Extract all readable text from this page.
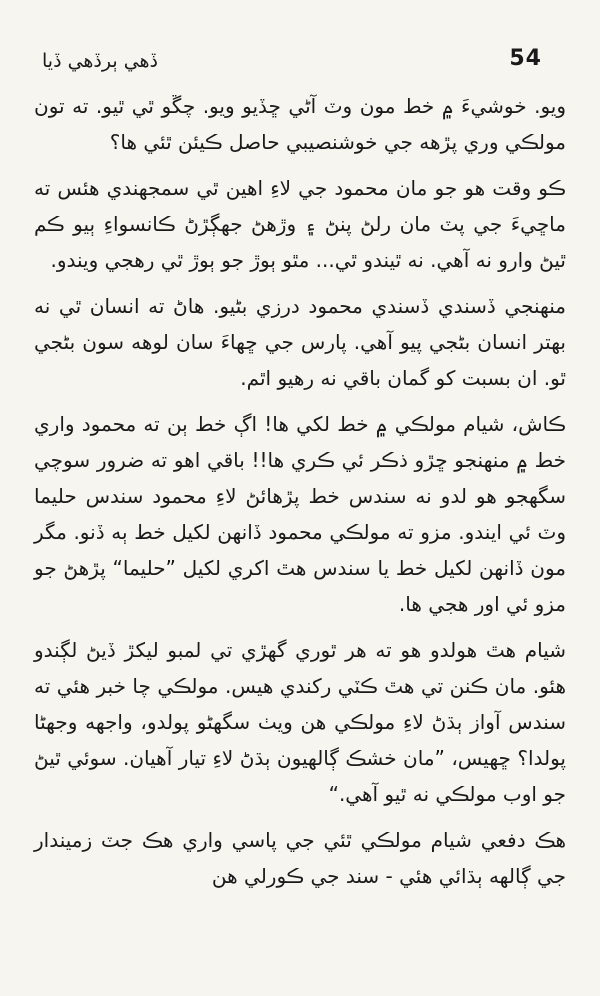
ڏهي ٻرڏهي ڏيا	54

ويو. خوشيءَ ۾ خط مون وٽ آڻي ڇڏيو ويو. چڱو ٿي ٿيو. ته تون مولڪي وري پڙهه جي خوشنصيبي حاصل ڪيئن ٿئي ها؟

ڪو وقت هو جو مان محمود جي لاءِ اهين ٿي سمجهندي هئس ته ماڇيءَ جي پٽ مان رلڻ پنڻ ۽ وڙهڻ جهڳڙڻ ڪانسواءِ ٻيو ڪم ٿيڻ وارو نه آهي. نه ٿيندو ٿي... مٿو ٻوڙ جو ٻوڙ ٿي رهجي ويندو.

منهنجي ڏسندي ڏسندي محمود درزي بڻيو. هاڻ ته انسان ٿي نه بهتر انسان بڻجي پيو آهي. پارس جي ڇهاءَ سان لوهه سون بڻجي ٿو. ان بسبت کو گمان باقي نه رهيو اٿم.

ڪاش، شيام مولڪي ۾ خط لکي ها! اڳ خط ٻن ته محمود واري خط ۾ منهنجو ڇڙو ذڪر ئي ڪري ها!! باقي اهو ته ضرور سوچي سگهجو هو لدو نه سندس خط پڙهائڻ لاءِ محمود سندس حليما وٽ ئي ايندو. مزو ته مولڪي محمود ڏانهن لکيل خط ٻه ڏنو. مگر مون ڏانهن لکيل خط يا سندس هٿ اکري لکيل ”حليما“ پڙهڻ جو مزو ئي اور هجي ها.

شيام هٿ هولدو هو ته هر ٿوري گهڙي تي لمبو ليکڙ ڏيڻ لڳندو هئو. مان ڪنن تي هٿ ڪٽي رکندي هيس. مولڪي چا خبر هئي ته سندس آواز ٻڌڻ لاءِ مولڪي هن ويٺ سگهڻو پولدو، واجهه وجهڻا پولدا؟ ڇهيس، ”مان خشڪ ڳالهيون ٻڌڻ لاءِ تيار آهيان. سوئي ٿيڻ جو اوب مولڪي نه ٿيو آهي.“

هڪ دفعي شيام مولڪي ٿئي جي پاسي واري هڪ جٽ زميندار جي ڳالهه ٻڌائي هئي - سند جي ڪورلي هن
